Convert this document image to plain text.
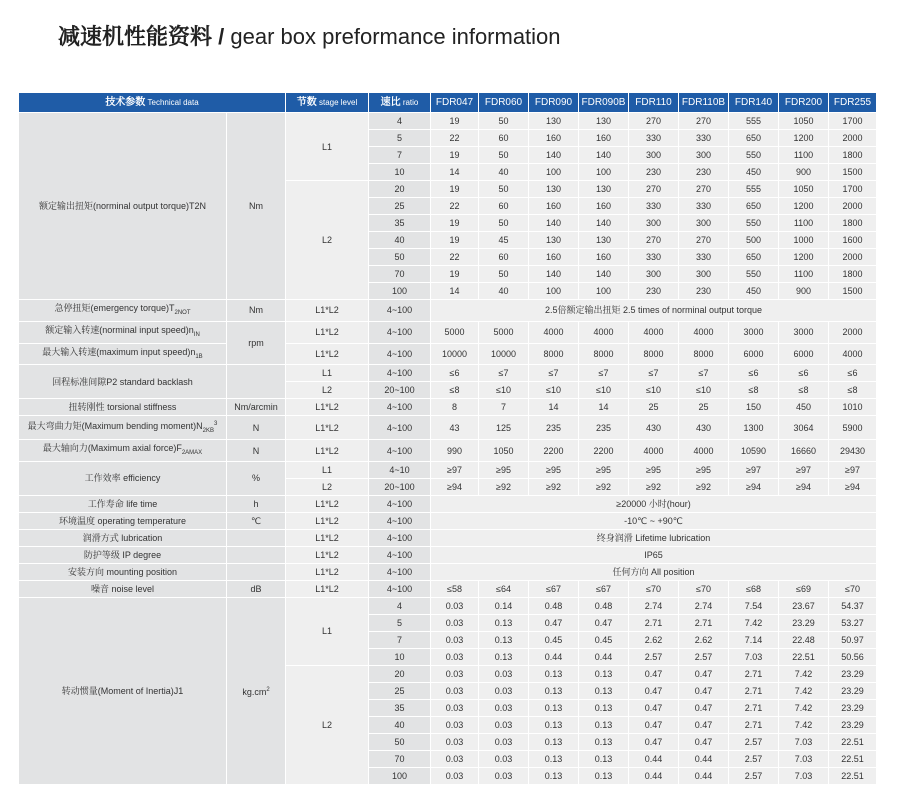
减速机性能资料 / gear box preformance information
技术参数 Technical data		节数 stage level	速比 ratio	FDR047	FDR060	FDR090	FDR090B	FDR110	FDR110B	FDR140	FDR200	FDR255
额定输出扭矩(norminal output torque)T2N	Nm	L1	4	19	50	130	130	270	270	555	1050	1700
			5	22	60	160	160	330	330	650	1200	2000
			7	19	50	140	140	300	300	550	1100	1800
			10	14	40	100	100	230	230	450	900	1500
		L2	20	19	50	130	130	270	270	555	1050	1700
			25	22	60	160	160	330	330	650	1200	2000
			35	19	50	140	140	300	300	550	1100	1800
			40	19	45	130	130	270	270	500	1000	1600
			50	22	60	160	160	330	330	650	1200	2000
			70	19	50	140	140	300	300	550	1100	1800
			100	14	40	100	100	230	230	450	900	1500
急停扭矩(emergency $torque)T_{2NOT}$	Nm	L1*L2	4~100	2.5倍额定输出扭矩 2.5 times of norminal output torque								
额定输入转速(norminal input $speed)n_{IN}$	rpm	L1*L2	4~100	5000	5000	4000	4000	4000	4000	3000	3000	2000
最大输入转速(maximum input $speed)n_{1B}$		L1*L2	4~100	10000	10000	8000	8000	8000	8000	6000	6000	4000
回程标准间隙P2 standard backlash		L1	4~100	≤6	≤7	≤7	≤7	≤7	≤7	≤6	≤6	≤6
		L2	20~100	≤8	≤10	≤10	≤10	≤10	≤10	≤8	≤8	≤8
扭转刚性 torsional stiffness	Nm/arcmin	L1*L2	4~100	8	7	14	14	25	25	150	450	1010
最大弯曲力矩(Maximum bending $moment)N_{2KB}^3$	N	L1*L2	4~100	43	125	235	235	430	430	1300	3064	5900
最大轴向力(Maximum axial $force)F_{2AMAX}$	N	L1*L2	4~100	990	1050	2200	2200	4000	4000	10590	16660	29430
工作效率 efficiency	%	L1	4~10	≥97	≥95	≥95	≥95	≥95	≥95	≥97	≥97	≥97
		L2	20~100	≥94	≥92	≥92	≥92	≥92	≥92	≥94	≥94	≥94
工作寿命 life time	h	L1*L2	4~100	≥20000 小时(hour)								
环境温度 operating temperature	℃	L1*L2	4~100	-10℃ ~ +90℃								
润滑方式 lubrication		L1*L2	4~100	终身润滑 Lifetime lubrication								
防护等级 IP degree		L1*L2	4~100	IP65								
安装方向 mounting position		L1*L2	4~100	任何方向 All position								
噪音 noise level	dB	L1*L2	4~100	≤58	≤64	≤67	≤67	≤70	≤70	≤68	≤69	≤70
转动惯量(Moment of Inertia)J1	$kg.cm^2$	L1	4	0.03	0.14	0.48	0.48	2.74	2.74	7.54	23.67	54.37
			5	0.03	0.13	0.47	0.47	2.71	2.71	7.42	23.29	53.27
			7	0.03	0.13	0.45	0.45	2.62	2.62	7.14	22.48	50.97
			10	0.03	0.13	0.44	0.44	2.57	2.57	7.03	22.51	50.56
		L2	20	0.03	0.03	0.13	0.13	0.47	0.47	2.71	7.42	23.29
			25	0.03	0.03	0.13	0.13	0.47	0.47	2.71	7.42	23.29
			35	0.03	0.03	0.13	0.13	0.47	0.47	2.71	7.42	23.29
			40	0.03	0.03	0.13	0.13	0.47	0.47	2.71	7.42	23.29
			50	0.03	0.03	0.13	0.13	0.47	0.47	2.57	7.03	22.51
			70	0.03	0.03	0.13	0.13	0.44	0.44	2.57	7.03	22.51
			100	0.03	0.03	0.13	0.13	0.44	0.44	2.57	7.03	22.51
